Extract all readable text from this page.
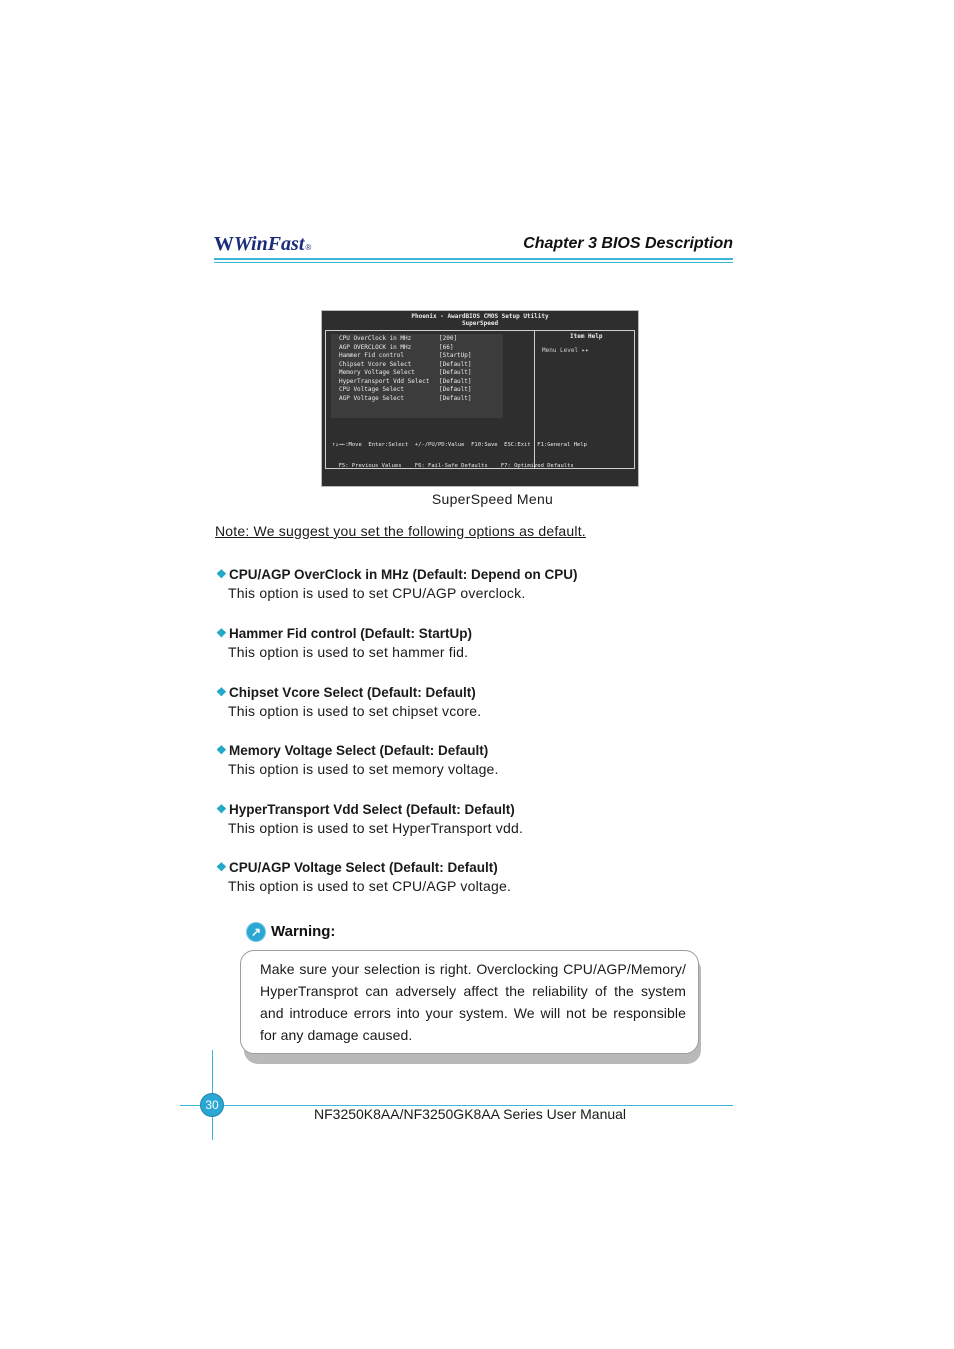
W WinFast ®	Chapter 3 BIOS Description
Phoenix - AwardBIOS CMOS Setup Utility
SuperSpeed
CPU OverClock in MHz	[200]
AGP OVERCLOCK in MHz	[66]
Hammer Fid control	[StartUp]
Chipset Vcore Select	[Default]
Memory Voltage Select	[Default]
HyperTransport Vdd Select	[Default]
CPU Voltage Select	[Default]
AGP Voltage Select	[Default]
Item Help
Menu Level ▸▸

↑↓→←:Move  Enter:Select  +/-/PU/PD:Value  F10:Save  ESC:Exit  F1:General Help

F5: Previous Values    F6: Fail-Safe Defaults    F7: Optimized Defaults

SuperSpeed Menu
Note: We suggest you set the following options as default.
❖ CPU/AGP OverClock in MHz (Default: Depend on CPU)
This option is used to set CPU/AGP overclock.
❖ Hammer Fid control (Default: StartUp)
This option is used to set hammer fid.
❖ Chipset Vcore Select (Default: Default)
This option is used to set chipset vcore.
❖ Memory Voltage Select (Default: Default)
This option is used to set memory voltage.
❖ HyperTransport Vdd Select (Default: Default)
This option is used to set HyperTransport vdd.
❖ CPU/AGP Voltage Select (Default: Default)
This option is used to set CPU/AGP voltage.
↗ Warning:
Make sure your selection is right. Overclocking CPU/AGP/Memory/ HyperTransprot can adversely affect the reliability of the system and introduce errors into your system. We will not be responsible for any damage caused.
30
NF3250K8AA/NF3250GK8AA Series User Manual
